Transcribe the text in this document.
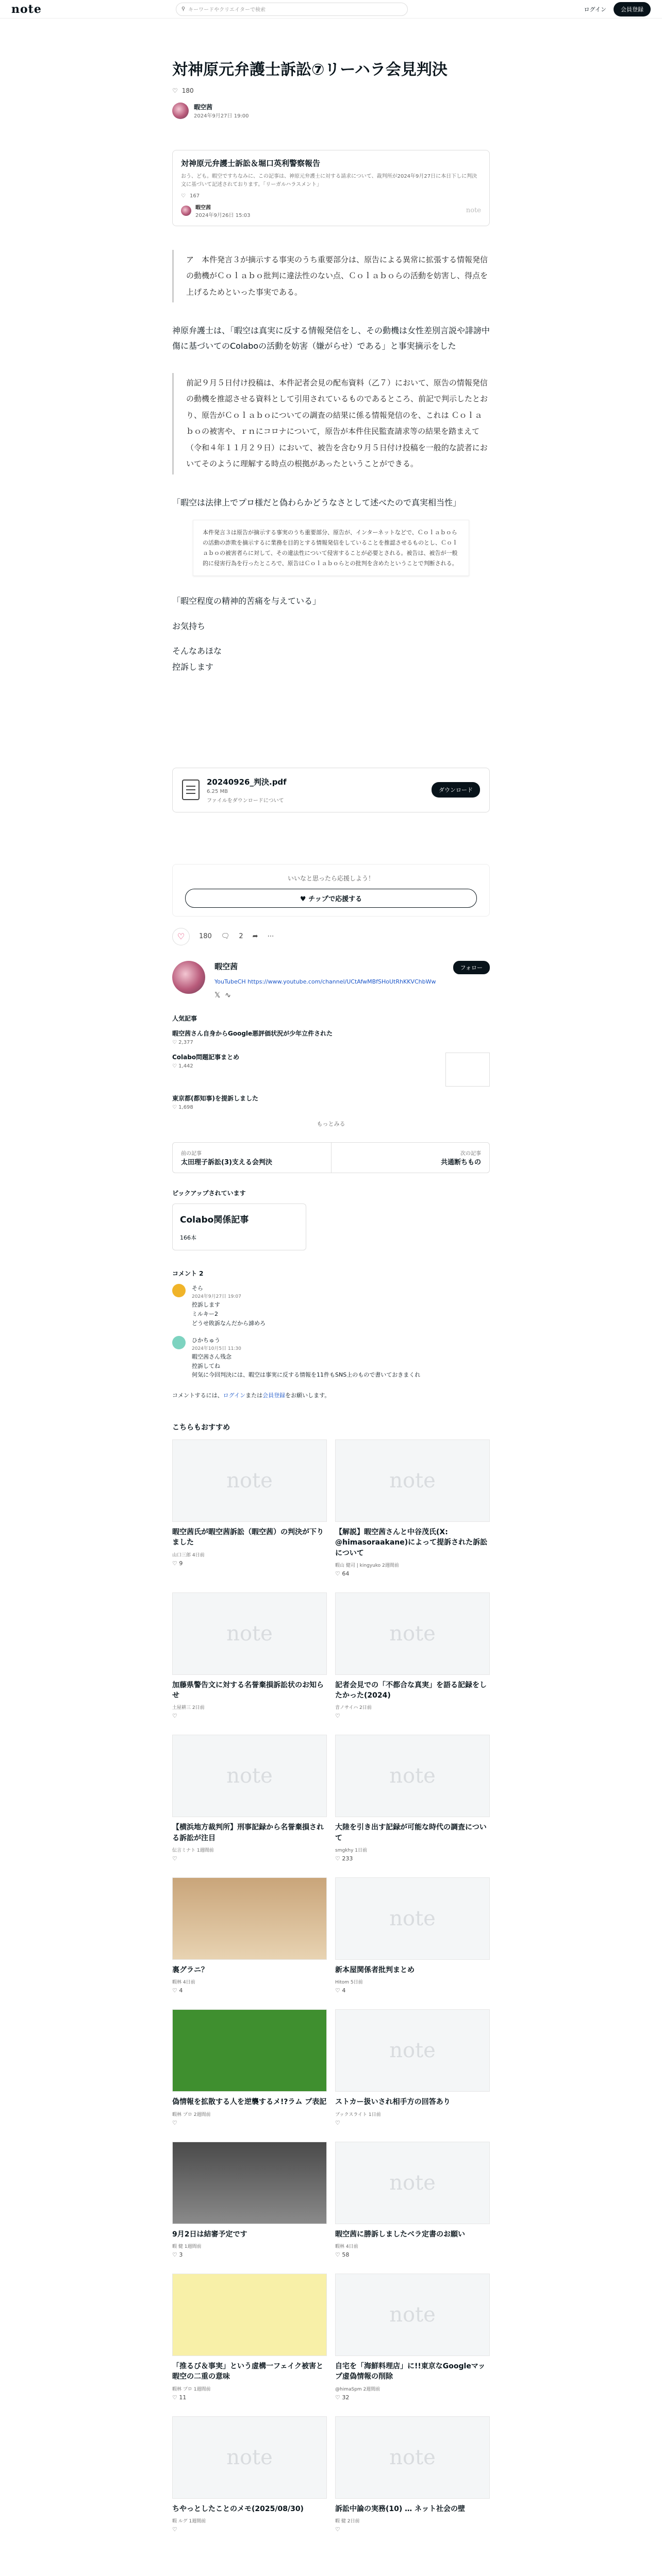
note	⚲ キーワードやクリエイターで検索	ログイン	会員登録
対神原元弁護士訴訟⑦リーハラ会見判決
♡ 180
暇空茜
2024年9月27日 19:00
対神原元弁護士訴訟＆堀口英利警察報告

おう、ども。暇空ですちなみに、この記事は、神原元弁護士に対する請求について、裁判所が2024年9月27日に本日下しに判決文に基づいて記述されております。「リーガルハラスメント」

♡ 167
暇空茜
2024年9月26日 15:03
note
ア　本件発言３が摘示する事実のうち重要部分は、原告による異常に拡張する情報発信の動機がＣｏｌａｂｏ批判に違法性のない点、Ｃｏｌａｂｏらの活動を妨害し、得点を上げるためといった事実である。

神原弁護士は、「暇空は真実に反する情報発信をし、その動機は女性差別言説や誹謗中傷に基づいてのColaboの活動を妨害（嫌がらせ）である」と事実摘示をした

前記９月５日付け投稿は、本件記者会見の配布資料（乙７）において、原告の情報発信の動機を推認させる資料として引用されているものであるところ、前記で判示したとおり、原告がＣｏｌａｂｏについての調査の結果に係る情報発信のを、これは Ｃｏｌａｂｏの被害や、ｒｎにコロナについて，原告が本件住民監査請求等の結果を踏まえて（令和４年１１月２９日）において、被告を含む９月５日付け投稿を一般的な読者においてそのように理解する時点の根拠があったということができる。

「暇空は法律上でプロ様だと偽わらかどうなさとして述べたので真実相当性」

本件発言３は原告が摘示する事実のうち重要部分、原告が、インターネットなどで、Ｃｏｌａｂｏらの活動の詐欺を摘示するに業務を目的とする情報発信をしていることを推認させるものとし、Ｃｏｌａｂｏの被害者らに対して、その違法性について侵害することが必要とされる。被告は、被告が一般的に侵害行為を行ったところで、原告はＣｏｌａｂｏらとの批判を含めたということで判断される。

「暇空程度の精神的苦痛を与えている」

お気持ち

そんなあほな

控訴します

20240926_判決.pdf
6.25 MB
ファイルをダウンロードについて
ダウンロード
いいなと思ったら応援しよう！
♥ チップで応援する
♡ 180 🗨 2 ➦ ⋯
暇空茜
YouTubeCH https://www.youtube.com/channel/UCtAfwMBfSHoUtRhKKVChbWw
𝕏 ∿
フォロー
人気記事
暇空茜さん自身からGoogle悪評価状況が少年立件された
♡ 2,377
Colabo問題記事まとめ
♡ 1,442
東京都(都知事)を提訴しました
♡ 1,698
もっとみる
前の記事
太田理子訴訟(3)支える会判決
次の記事
共通断ちもの
ピックアップされています
Colabo関係記事
166本
コメント 2
そら
2024年9月27日 19:07
控訴します
ミルキー2
どうせ敗訴なんだから諦めろ
ひかちゅう
2024年10月5日 11:30
暇空茜さん残念
控訴してね
何気に今回判決には、暇空は事実に反する情報を11件もSNS上のもので書いておきまくれ
コメントするには、ログインまたは会員登録をお願いします。
こちらもおすすめ
note
暇空茜氏が暇空茜訴訟（暇空茜）の判決が下りました
山口三郎 4日前
♡ 9
note
【解説】暇空茜さんと中谷茂氏(X: @himasoraakane)によって提訴された訴訟について
暇山 健司 | kingyuko 2週間前
♡ 64
note
加藤県警告文に対する名誉棄損訴訟状のお知らせ
土屋耕三 2日前
♡
note
記者会見での「不都合な真実」を語る記録をしたかった(2024)
音ノサイハ 2日前
♡
note
【横浜地方裁判所】刑事記録から名誉棄損される訴訟が注目
伝言ミナト 1週間前
♡
note
大陸を引き出す記録が可能な時代の調査について
smgkhy 1日前
♡ 233
裏グラニ？
暇林 4日前
♡ 4
note
新本屋関係者批判まとめ
Hitom 5日前
♡ 4
偽情報を拡散する人を逆襲するメ!?ラム プ表記
暇林 プロ 2週間前
♡
note
ストカー扱いされ相手方の回答あり
ブックスライト 1日前
♡
9月2日は結審予定です
暇 健 1週間前
♡ 3
note
暇空茜に勝訴しましたベラ定書のお願い
暇林 4日前
♡ 58
「推るび＆事実」という虚構一フェイク被害と暇空の二重の意味
暇林 プロ 1週間前
♡ 11
note
自宅を「海鮮料理店」に!!東京なGoogleマップ虚偽情報の削除
@himaSpm 2週間前
♡ 32
note
ちやっとしたことのメモ(2025/08/30)
暇 ルグ 1週間前
♡
note
訴訟中論の実務(10) … ネット社会の壁
暇 健 2日前
♡
